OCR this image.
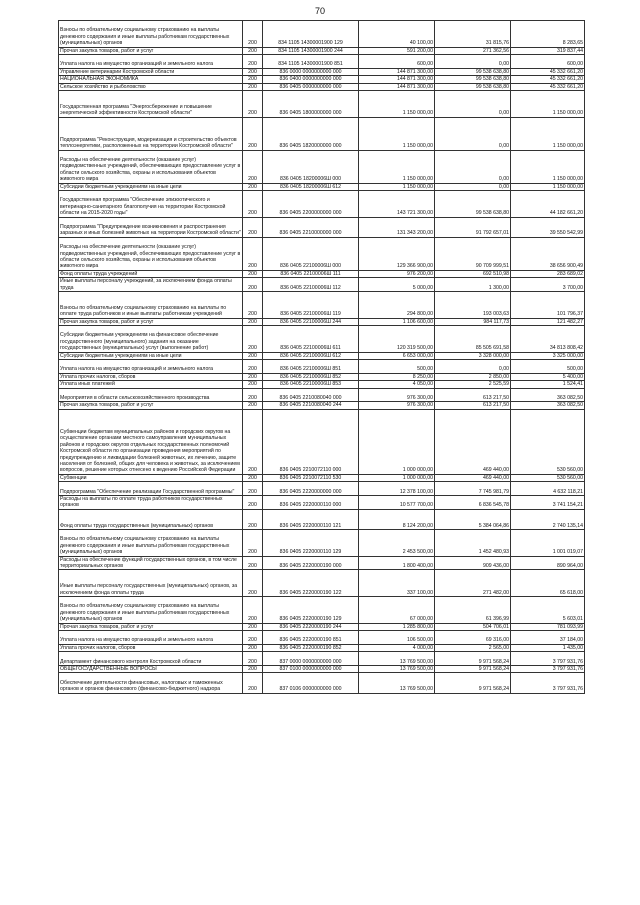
70
Взносы по обязательному социальному страхованию на выплаты денежного содержания и иные выплаты работникам государственных (муниципальных) органов	200	834 1105 14300001900 129	40 100,00	31 815,76	8 283,65
Прочая закупка товаров, работ и услуг	200	834 1105 14300001900 244	591 200,00	271 362,56	319 837,44
Уплата налога на имущество организаций и земельного налога	200	834 1105 14300001900 851	600,00	0,00	600,00
Управление ветеринарии Костромской области	200	836 0000 0000000000 000	144 871 300,00	99 538 638,80	45 332 661,20
НАЦИОНАЛЬНАЯ ЭКОНОМИКА	200	836 0400 0000000000 000	144 871 300,00	99 538 638,80	45 332 661,20
Сельское хозяйство и рыболовство	200	836 0405 0000000000 000	144 871 300,00	99 538 638,80	45 332 661,20
Государственная программа "Энергосбережение и повышение энергетической эффективности Костромской области"	200	836 0405 1800000000 000	1 150 000,00	0,00	1 150 000,00
Подпрограмма "Реконструкция, модернизация и строительство объектов теплоэнергетики, расположенных на территории Костромской области"	200	836 0405 1820000000 000	1 150 000,00	0,00	1 150 000,00
Расходы на обеспечение деятельности (оказание услуг) подведомственных учреждений, обеспечивающих предоставление услуг в области сельского хозяйства, охраны и использования объектов животного мира	200	836 0405 18200006Ш 000	1 150 000,00	0,00	1 150 000,00
Субсидии бюджетным учреждениям на иные цели	200	836 0405 18200006Ш 612	1 150 000,00	0,00	1 150 000,00
Государственная программа "Обеспечение эпизоотического и ветеринарно-санитарного благополучия на территории Костромской области на 2015-2020 годы"	200	836 0405 2200000000 000	143 721 300,00	99 538 638,80	44 182 661,20
Подпрограмма "Предупреждение возникновения и распространения заразных и иных болезней животных на территории Костромской области"	200	836 0405 2210000000 000	131 343 200,00	91 792 657,01	39 550 542,99
Расходы на обеспечение деятельности (оказание услуг) подведомственных учреждений, обеспечивающих предоставление услуг в области сельского хозяйства, охраны и использования объектов животного мира	200	836 0405 22100006Ш 000	129 366 900,00	90 709 999,51	38 656 900,49
Фонд оплаты труда учреждений	200	836 0405 22100006Ш 111	976 200,00	692 510,98	283 689,02
Иные выплаты персоналу учреждений, за исключением фонда оплаты труда	200	836 0405 22100006Ш 112	5 000,00	1 300,00	3 700,00
Взносы по обязательному социальному страхованию на выплаты по оплате труда работников и иные выплаты работникам учреждений	200	836 0405 22100006Ш 119	294 800,00	193 003,63	101 796,37
Прочая закупка товаров, работ и услуг	200	836 0405 22100006Ш 244	1 106 600,00	984 117,73	121 482,27
Субсидии бюджетным учреждениям на финансовое обеспечение государственного (муниципального) задания на оказание государственных (муниципальных) услуг (выполнение работ)	200	836 0405 22100006Ш 611	120 319 500,00	85 505 691,58	34 813 808,42
Субсидии бюджетным учреждениям на иные цели	200	836 0405 22100006Ш 612	6 653 000,00	3 328 000,00	3 325 000,00
Уплата налога на имущество организаций и земельного налога	200	836 0405 22100006Ш 851	500,00	0,00	500,00
Уплата прочих налогов, сборов	200	836 0405 22100006Ш 852	8 250,00	2 850,00	5 400,00
Уплата иных платежей	200	836 0405 22100006Ш 853	4 050,00	2 525,59	1 524,41
Мероприятия в области сельскохозяйственного производства	200	836 0405 2210080040 000	976 300,00	613 217,50	363 082,50
Прочая закупка товаров, работ и услуг	200	836 0405 2210080040 244	976 300,00	613 217,50	363 082,50
Субвенции бюджетам муниципальных районов и городских округов на осуществление органами местного самоуправления муниципальных районов и городских округов отдельных государственных полномочий Костромской области по организации проведения мероприятий по предупреждению и ликвидации болезней животных, их лечению, защите населения от болезней, общих для человека и животных, за исключением вопросов, решение которых отнесено к ведению Российской Федерации	200	836 0405 2210072110 000	1 000 000,00	469 440,00	530 560,00
Субвенции	200	836 0405 2210072110 530	1 000 000,00	469 440,00	530 560,00
Подпрограмма "Обеспечение реализации Государственной программы"	200	836 0405 2220000000 000	12 378 100,00	7 745 981,79	4 632 118,21
Расходы на выплаты по оплате труда работников государственных органов	200	836 0405 2220000110 000	10 577 700,00	6 836 545,78	3 741 154,21
Фонд оплаты труда государственных (муниципальных) органов	200	836 0405 2220000110 121	8 124 200,00	5 384 064,86	2 740 135,14
Взносы по обязательному социальному страхованию на выплаты денежного содержания и иные выплаты работникам государственных (муниципальных) органов	200	836 0405 2220000110 129	2 453 500,00	1 452 480,93	1 001 019,07
Расходы на обеспечение функций государственных органов, в том числе территориальных органов	200	836 0405 2220000190 000	1 800 400,00	909 436,00	890 964,00
Иные выплаты персоналу государственных (муниципальных) органов, за исключением фонда оплаты труда	200	836 0405 2220000190 122	337 100,00	271 482,00	65 618,00
Взносы по обязательному социальному страхованию на выплаты денежного содержания и иные выплаты работникам государственных (муниципальных) органов	200	836 0405 2220000190 129	67 000,00	61 396,99	5 603,01
Прочая закупка товаров, работ и услуг	200	836 0405 2220000190 244	1 285 800,00	504 706,01	781 093,99
Уплата налога на имущество организаций и земельного налога	200	836 0405 2220000190 851	106 500,00	69 316,00	37 184,00
Уплата прочих налогов, сборов	200	836 0405 2220000190 852	4 000,00	2 565,00	1 435,00
Департамент финансового контроля Костромской области	200	837 0000 0000000000 000	13 769 500,00	9 971 568,24	3 797 931,76
ОБЩЕГОСУДАРСТВЕННЫЕ ВОПРОСЫ	200	837 0100 0000000000 000	13 769 500,00	9 971 568,24	3 797 931,76
Обеспечение деятельности финансовых, налоговых и таможенных органов и органов финансового (финансово-бюджетного) надзора	200	837 0106 0000000000 000	13 769 500,00	9 971 568,24	3 797 931,76
